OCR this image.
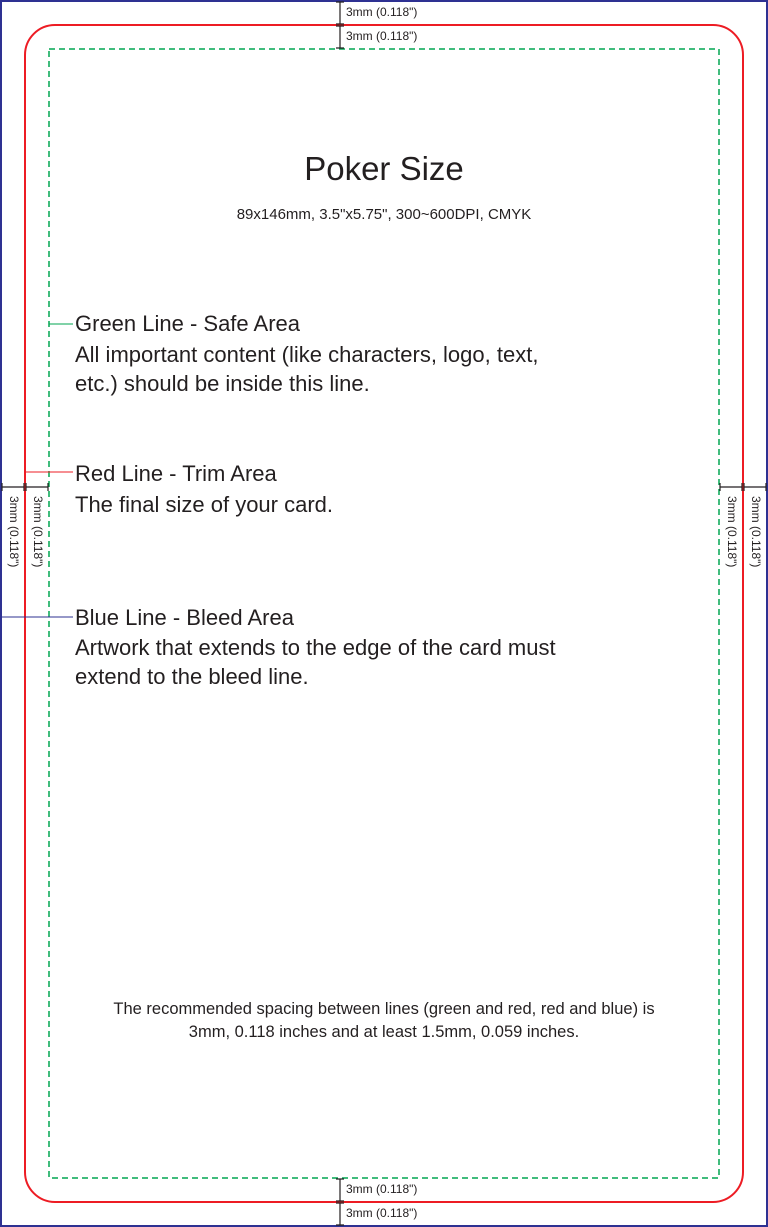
Poker Size
89x146mm, 3.5"x5.75", 300~600DPI, CMYK
Green Line - Safe Area
All important content (like characters, logo, text,
etc.) should be inside this line.
Red Line - Trim Area
The final size of your card.
Blue Line - Bleed Area
Artwork that extends to the edge of the card must
extend to the bleed line.
The recommended spacing between lines (green and red, red and blue) is
3mm, 0.118 inches and at least 1.5mm, 0.059 inches.
3mm (0.118")
3mm (0.118")
3mm (0.118")
3mm (0.118")
3mm (0.118") 3mm (0.118")	3mm (0.118") 3mm (0.118")
